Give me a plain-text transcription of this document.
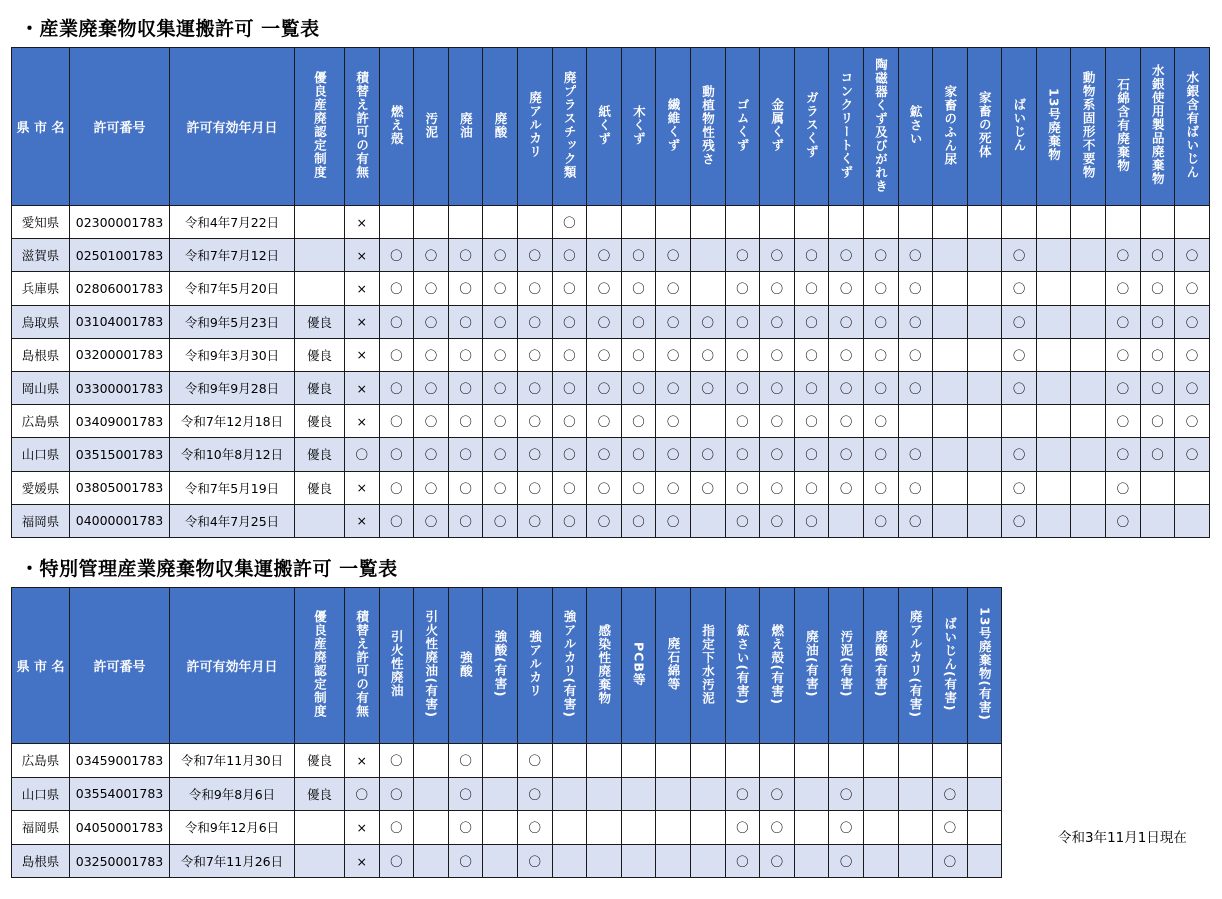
・産業廃棄物収集運搬許可 一覧表
県 市 名	許可番号	許可有効年月日	優良産廃認定制度	積替え許可の有無	燃え殻	汚泥	廃油	廃酸	廃アルカリ	廃プラスチック類	紙くず	木くず	繊維くず	動植物性残さ	ゴムくず	金属くず	ガラスくず	コンクリートくず	陶磁器くず及びがれき	鉱さい	家畜のふん尿	家畜の死体	ばいじん	13号廃棄物	動物系固形不要物	石綿含有廃棄物	水銀使用製品廃棄物	水銀含有ばいじん
愛知県	02300001783	令和4年7月22日		×						〇																		
滋賀県	02501001783	令和7年7月12日		×	〇	〇	〇	〇	〇	〇	〇	〇	〇		〇	〇	〇	〇	〇	〇			〇			〇	〇	〇
兵庫県	02806001783	令和7年5月20日		×	〇	〇	〇	〇	〇	〇	〇	〇	〇		〇	〇	〇	〇	〇	〇			〇			〇	〇	〇
鳥取県	03104001783	令和9年5月23日	優良	×	〇	〇	〇	〇	〇	〇	〇	〇	〇	〇	〇	〇	〇	〇	〇	〇			〇			〇	〇	〇
島根県	03200001783	令和9年3月30日	優良	×	〇	〇	〇	〇	〇	〇	〇	〇	〇	〇	〇	〇	〇	〇	〇	〇			〇			〇	〇	〇
岡山県	03300001783	令和9年9月28日	優良	×	〇	〇	〇	〇	〇	〇	〇	〇	〇	〇	〇	〇	〇	〇	〇	〇			〇			〇	〇	〇
広島県	03409001783	令和7年12月18日	優良	×	〇	〇	〇	〇	〇	〇	〇	〇	〇		〇	〇	〇	〇	〇							〇	〇	〇
山口県	03515001783	令和10年8月12日	優良	〇	〇	〇	〇	〇	〇	〇	〇	〇	〇	〇	〇	〇	〇	〇	〇	〇			〇			〇	〇	〇
愛媛県	03805001783	令和7年5月19日	優良	×	〇	〇	〇	〇	〇	〇	〇	〇	〇	〇	〇	〇	〇	〇	〇	〇			〇			〇		
福岡県	04000001783	令和4年7月25日		×	〇	〇	〇	〇	〇	〇	〇	〇	〇		〇	〇	〇		〇	〇			〇			〇		
・特別管理産業廃棄物収集運搬許可 一覧表
県 市 名	許可番号	許可有効年月日	優良産廃認定制度	積替え許可の有無	引火性廃油	引火性廃油(有害)	強酸	強酸(有害)	強アルカリ	強アルカリ(有害)	感染性廃棄物	PCB等	廃石綿等	指定下水汚泥	鉱さい(有害)	燃え殻(有害)	廃油(有害)	汚泥(有害)	廃酸(有害)	廃アルカリ(有害)	ばいじん(有害)	13号廃棄物(有害)
広島県	03459001783	令和7年11月30日	優良	×	〇		〇		〇													
山口県	03554001783	令和9年8月6日	優良	〇	〇		〇		〇						〇	〇		〇			〇	
福岡県	04050001783	令和9年12月6日		×	〇		〇		〇						〇	〇		〇			〇	
島根県	03250001783	令和7年11月26日		×	〇		〇		〇						〇	〇		〇			〇	
令和3年11月1日現在
